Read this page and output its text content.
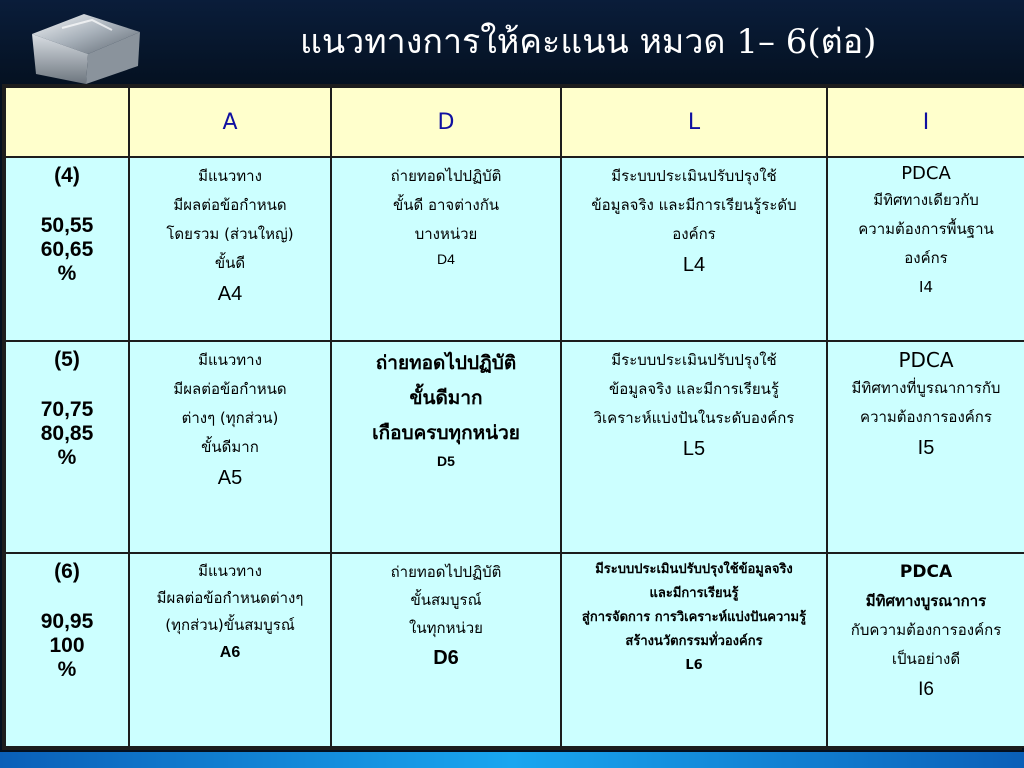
แนวทางการให้คะแนน หมวด 1– 6(ต่อ)
	A	D	L	I

(4)
50,55
60,65
%	มีแนวทาง
มีผลต่อข้อกำหนด
โดยรวม (ส่วนใหญ่)
ขั้นดี
A4	ถ่ายทอดไปปฏิบัติ
ขั้นดี อาจต่างกัน
บางหน่วย
D4	มีระบบประเมินปรับปรุงใช้
ข้อมูลจริง และมีการเรียนรู้ระดับ
องค์กร
L4	PDCA
มีทิศทางเดียวกับ
ความต้องการพื้นฐาน
องค์กร
I4

(5)
70,75
80,85
%	มีแนวทาง
มีผลต่อข้อกำหนด
ต่างๆ (ทุกส่วน)
ขั้นดีมาก
A5	ถ่ายทอดไปปฏิบัติ
ขั้นดีมาก
เกือบครบทุกหน่วย
D5	มีระบบประเมินปรับปรุงใช้
ข้อมูลจริง และมีการเรียนรู้
วิเคราะห์แบ่งปันในระดับองค์กร
L5	PDCA
มีทิศทางที่บูรณาการกับ
ความต้องการองค์กร
I5

(6)
90,95
100
%	มีแนวทาง
มีผลต่อข้อกำหนดต่างๆ
(ทุกส่วน)ขั้นสมบูรณ์
A6	ถ่ายทอดไปปฏิบัติ
ขั้นสมบูรณ์
ในทุกหน่วย
D6	มีระบบประเมินปรับปรุงใช้ข้อมูลจริง
และมีการเรียนรู้
สู่การจัดการ การวิเคราะห์แบ่งปันความรู้
สร้างนวัตกรรมทั่วองค์กร
L6	PDCA
มีทิศทางบูรณาการ
กับความต้องการองค์กร
เป็นอย่างดี
I6
